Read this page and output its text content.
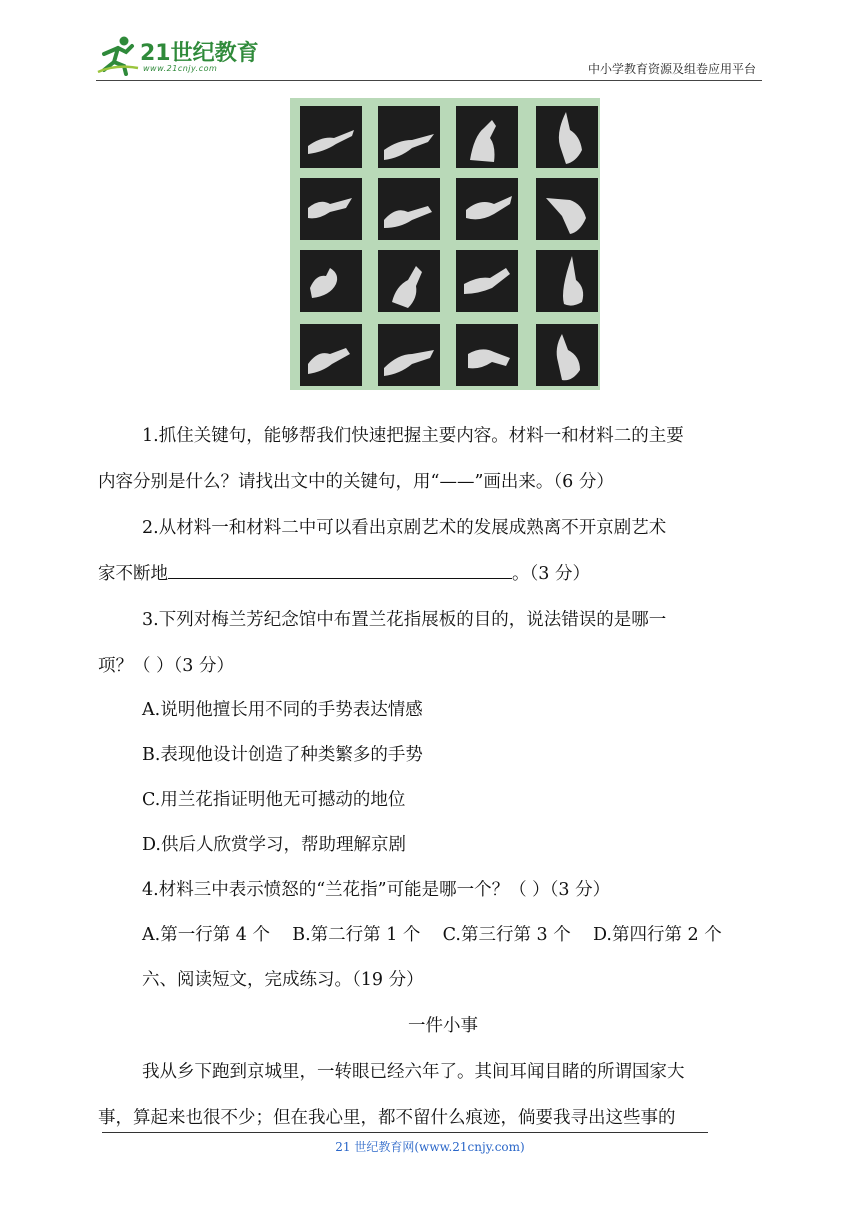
21世纪教育
www.21cnjy.com	中小学教育资源及组卷应用平台
1.抓住关键句，能够帮我们快速把握主要内容。材料一和材料二的主要
内容分别是什么？请找出文中的关键句，用“——”画出来。（6 分）
2.从材料一和材料二中可以看出京剧艺术的发展成熟离不开京剧艺术
家不断地	。（3 分）
3.下列对梅兰芳纪念馆中布置兰花指展板的目的，说法错误的是哪一
项？（ ）（3 分）
A.说明他擅长用不同的手势表达情感
B.表现他设计创造了种类繁多的手势
C.用兰花指证明他无可撼动的地位
D.供后人欣赏学习，帮助理解京剧
4.材料三中表示愤怒的“兰花指”可能是哪一个？（ ）（3 分）
A.第一行第 4 个    B.第二行第 1 个    C.第三行第 3 个    D.第四行第 2 个
六、阅读短文，完成练习。（19 分）
一件小事
我从乡下跑到京城里，一转眼已经六年了。其间耳闻目睹的所谓国家大
事，算起来也很不少；但在我心里，都不留什么痕迹，倘要我寻出这些事的
21 世纪教育网(www.21cnjy.com)
